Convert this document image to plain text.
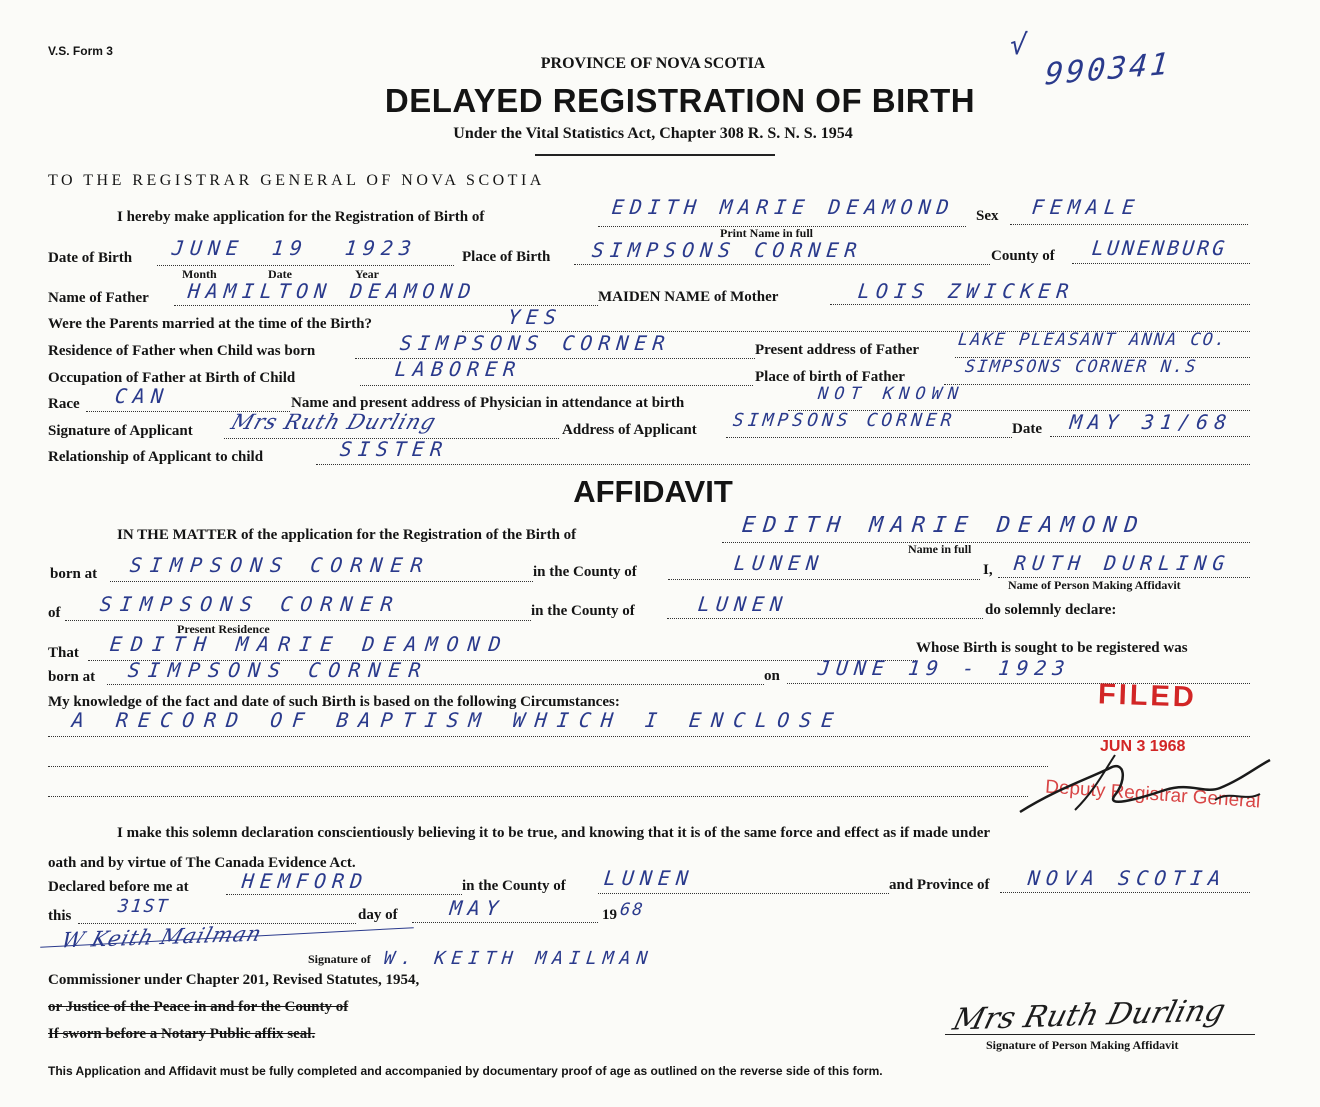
V.S. Form 3
PROVINCE OF NOVA SCOTIA
DELAYED REGISTRATION OF BIRTH
Under the Vital Statistics Act, Chapter 308 R. S. N. S. 1954
√
990341
TO THE REGISTRAR GENERAL OF NOVA SCOTIA
I hereby make application for the Registration of Birth of	EDITH MARIE DEAMOND Sex FEMALE
Print Name in full
Date of Birth JUNE 19 1923
Month	Date	Year
Place of Birth SIMPSONS CORNER	County of LUNENBURG
Name of Father HAMILTON DEAMOND	MAIDEN NAME of Mother	LOIS ZWICKER
Were the Parents married at the time of the Birth?	YES
Residence of Father when Child was born	SIMPSONS CORNER	Present address of Father LAKE PLEASANT ANNA CO.
Occupation of Father at Birth of Child	LABORER	Place of birth of Father	SIMPSONS CORNER N.S
Race CAN	Name and present address of Physician in attendance at birth	NOT KNOWN
Signature of Applicant Mrs Ruth Durling	Address of Applicant SIMPSONS CORNER	Date MAY 31/68
Relationship of Applicant to child	SISTER
AFFIDAVIT
IN THE MATTER of the application for the Registration of the Birth of	EDITH MARIE DEAMOND
Name in full
born at SIMPSONS CORNER	in the County of	LUNEN	I, RUTH DURLING
Name of Person Making Affidavit
of SIMPSONS CORNER
Present Residence
in the County of	LUNEN	do solemnly declare:
That EDITH MARIE DEAMOND	Whose Birth is sought to be registered was
born at SIMPSONS CORNER	on JUNE 19 - 1923
My knowledge of the fact and date of such Birth is based on the following Circumstances:
A RECORD OF BAPTISM WHICH I ENCLOSE
I make this solemn declaration conscientiously believing it to be true, and knowing that it is of the same force and effect as if made under
oath and by virtue of The Canada Evidence Act.
Declared before me at	HEMFORD	in the County of LUNEN	and Province of NOVA SCOTIA
this	31ST	day of	MAY	19 68
W Keith Mailman
Signature of W. KEITH MAILMAN
Commissioner under Chapter 201, Revised Statutes, 1954,
or Justice of the Peace in and for the County of
If sworn before a Notary Public affix seal.	Mrs Ruth Durling
Signature of Person Making Affidavit
FILED
JUN 3 1968
Deputy Registrar General
This Application and Affidavit must be fully completed and accompanied by documentary proof of age as outlined on the reverse side of this form.
